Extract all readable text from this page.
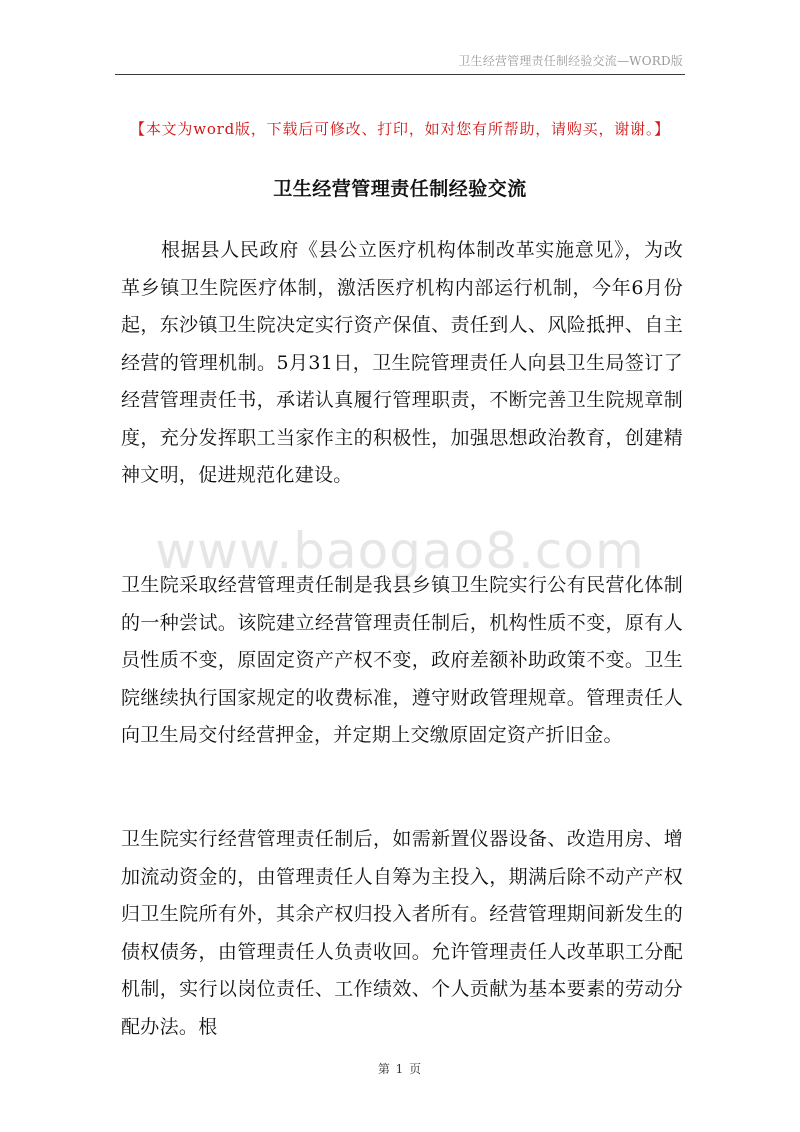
卫生经营管理责任制经验交流—WORD版
【本文为word版，下载后可修改、打印，如对您有所帮助，请购买，谢谢。】
卫生经营管理责任制经验交流

根据县人民政府《县公立医疗机构体制改革实施意见》，为改革乡镇卫生院医疗体制，激活医疗机构内部运行机制，今年6月份起，东沙镇卫生院决定实行资产保值、责任到人、风险抵押、自主经营的管理机制。5月31日，卫生院管理责任人向县卫生局签订了经营管理责任书，承诺认真履行管理职责，不断完善卫生院规章制度，充分发挥职工当家作主的积极性，加强思想政治教育，创建精神文明，促进规范化建设。

www.baogao8.com

卫生院采取经营管理责任制是我县乡镇卫生院实行公有民营化体制的一种尝试。该院建立经营管理责任制后，机构性质不变，原有人员性质不变，原固定资产产权不变，政府差额补助政策不变。卫生院继续执行国家规定的收费标准，遵守财政管理规章。管理责任人向卫生局交付经营押金，并定期上交缴原固定资产折旧金。

卫生院实行经营管理责任制后，如需新置仪器设备、改造用房、增加流动资金的，由管理责任人自筹为主投入，期满后除不动产产权归卫生院所有外，其余产权归投入者所有。经营管理期间新发生的债权债务，由管理责任人负责收回。允许管理责任人改革职工分配机制，实行以岗位责任、工作绩效、个人贡献为基本要素的劳动分配办法。根

第 1 页
